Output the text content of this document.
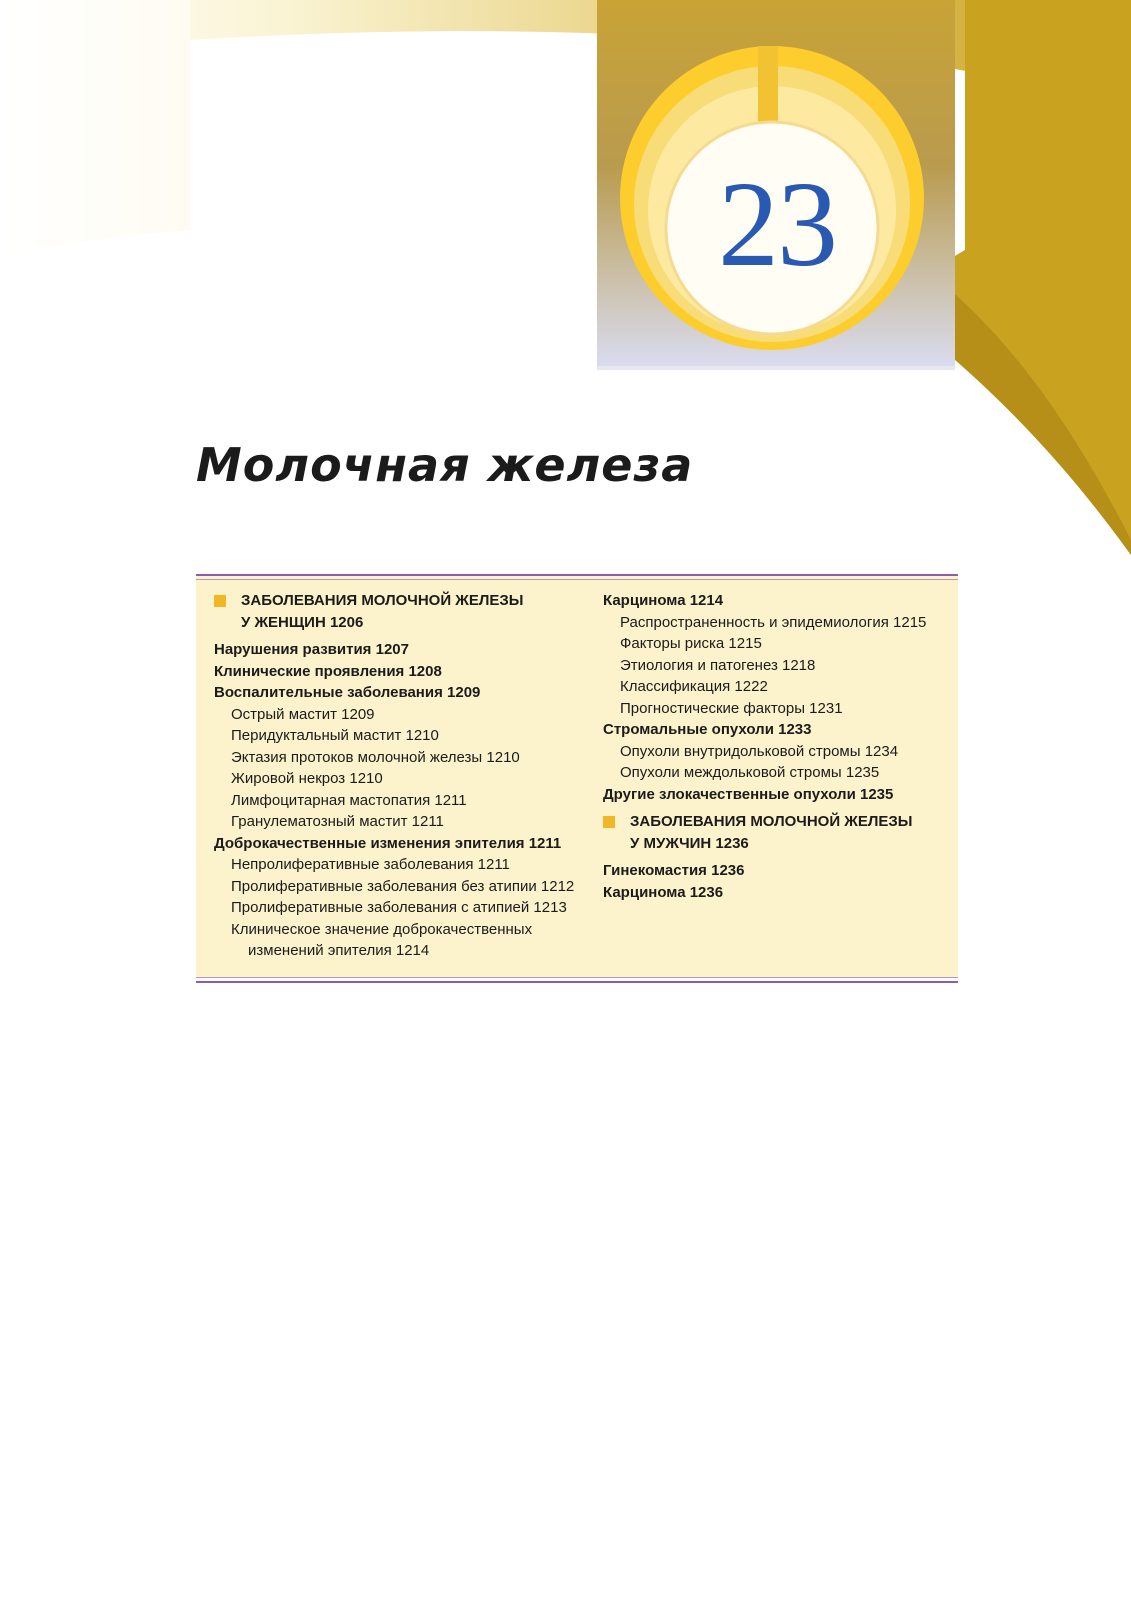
23
Молочная железа
ЗАБОЛЕВАНИЯ МОЛОЧНОЙ ЖЕЛЕЗЫ
У ЖЕНЩИН 1206
Нарушения развития 1207
Клинические проявления 1208
Воспалительные заболевания 1209
Острый мастит 1209
Перидуктальный мастит 1210
Эктазия протоков молочной железы 1210
Жировой некроз 1210
Лимфоцитарная мастопатия 1211
Гранулематозный мастит 1211
Доброкачественные изменения эпителия 1211
Непролиферативные заболевания 1211
Пролиферативные заболевания без атипии 1212
Пролиферативные заболевания с атипией 1213
Клиническое значение доброкачественных
изменений эпителия 1214
Карцинома 1214
Распространенность и эпидемиология 1215
Факторы риска 1215
Этиология и патогенез 1218
Классификация 1222
Прогностические факторы 1231
Стромальные опухоли 1233
Опухоли внутридольковой стромы 1234
Опухоли междольковой стромы 1235
Другие злокачественные опухоли 1235
ЗАБОЛЕВАНИЯ МОЛОЧНОЙ ЖЕЛЕЗЫ
У МУЖЧИН 1236
Гинекомастия 1236
Карцинома 1236
